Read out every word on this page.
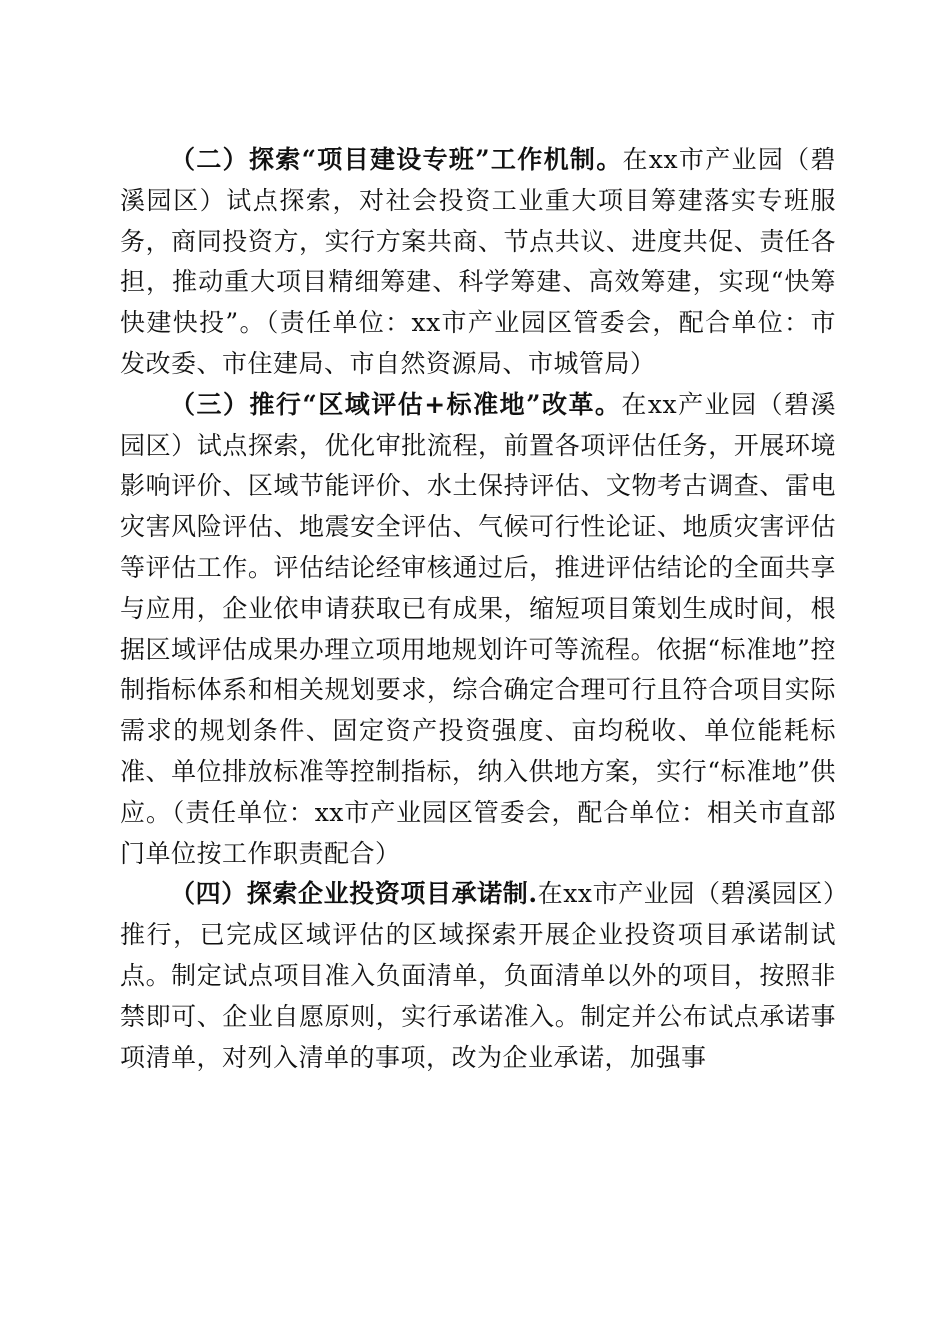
（二）探索“项目建设专班”工作机制。在xx市产业园（碧溪园区）试点探索，对社会投资工业重大项目筹建落实专班服务，商同投资方，实行方案共商、节点共议、进度共促、责任各担，推动重大项目精细筹建、科学筹建、高效筹建，实现“快筹快建快投”。（责任单位：xx市产业园区管委会，配合单位：市发改委、市住建局、市自然资源局、市城管局）

（三）推行“区域评估+标准地”改革。在xx产业园（碧溪园区）试点探索，优化审批流程，前置各项评估任务，开展环境影响评价、区域节能评价、水土保持评估、文物考古调查、雷电灾害风险评估、地震安全评估、气候可行性论证、地质灾害评估等评估工作。评估结论经审核通过后，推进评估结论的全面共享与应用，企业依申请获取已有成果，缩短项目策划生成时间，根据区域评估成果办理立项用地规划许可等流程。依据“标准地”控制指标体系和相关规划要求，综合确定合理可行且符合项目实际需求的规划条件、固定资产投资强度、亩均税收、单位能耗标准、单位排放标准等控制指标，纳入供地方案，实行“标准地”供应。（责任单位：xx市产业园区管委会，配合单位：相关市直部门单位按工作职责配合）

（四）探索企业投资项目承诺制.在xx市产业园（碧溪园区）推行，已完成区域评估的区域探索开展企业投资项目承诺制试点。制定试点项目准入负面清单，负面清单以外的项目，按照非禁即可、企业自愿原则，实行承诺准入。制定并公布试点承诺事项清单，对列入清单的事项，改为企业承诺，加强事
